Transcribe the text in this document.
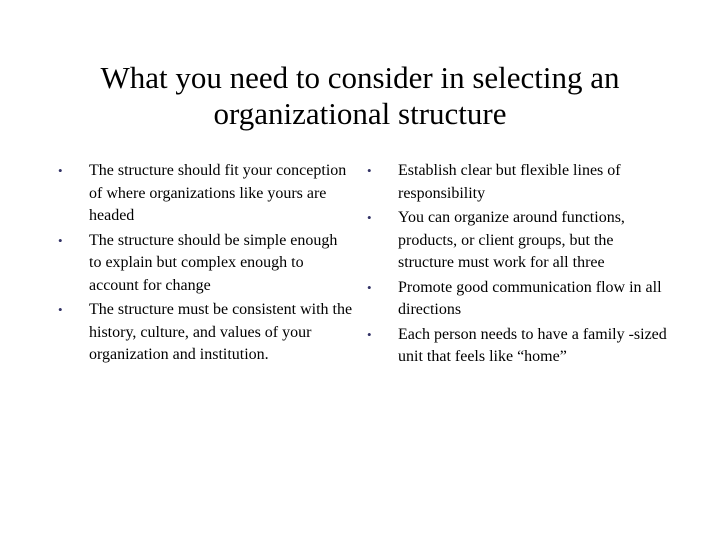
What you need to consider in selecting an
organizational structure
• The structure should fit your conception of where organizations like yours are headed
• The structure should be simple enough to explain but complex enough to account for change
• The structure must be consistent with the history, culture, and values of your organization and institution.
• Establish clear but flexible lines of responsibility
• You can organize around functions, products, or client groups, but the structure must work for all three
• Promote good communication flow in all directions
• Each person needs to have a family -sized unit that feels like “home”
